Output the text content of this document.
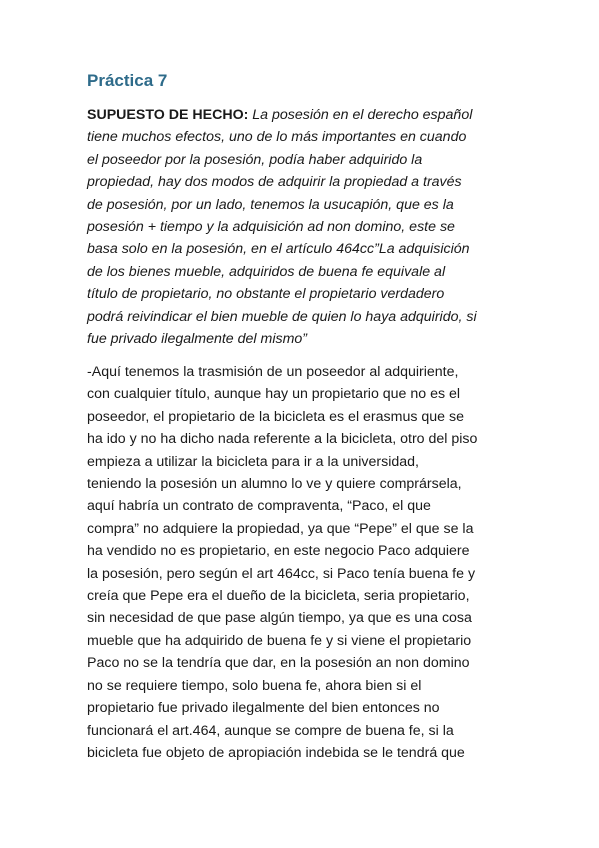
Práctica 7
SUPUESTO DE HECHO: La posesión en el derecho español
tiene muchos efectos, uno de lo más importantes en cuando
el poseedor por la posesión, podía haber adquirido la
propiedad, hay dos modos de adquirir la propiedad a través
de posesión, por un lado, tenemos la usucapión, que es la
posesión + tiempo y la adquisición ad non domino, este se
basa solo en la posesión, en el artículo 464cc”La adquisición
de los bienes mueble, adquiridos de buena fe equivale al
título de propietario, no obstante el propietario verdadero
podrá reivindicar el bien mueble de quien lo haya adquirido, si
fue privado ilegalmente del mismo”
-Aquí tenemos la trasmisión de un poseedor al adquiriente,
con cualquier título, aunque hay un propietario que no es el
poseedor, el propietario de la bicicleta es el erasmus que se
ha ido y no ha dicho nada referente a la bicicleta, otro del piso
empieza a utilizar la bicicleta para ir a la universidad,
teniendo la posesión un alumno lo ve y quiere comprársela,
aquí habría un contrato de compraventa, “Paco, el que
compra” no adquiere la propiedad, ya que “Pepe” el que se la
ha vendido no es propietario, en este negocio Paco adquiere
la posesión, pero según el art 464cc, si Paco tenía buena fe y
creía que Pepe era el dueño de la bicicleta, seria propietario,
sin necesidad de que pase algún tiempo, ya que es una cosa
mueble que ha adquirido de buena fe y si viene el propietario
Paco no se la tendría que dar, en la posesión an non domino
no se requiere tiempo, solo buena fe, ahora bien si el
propietario fue privado ilegalmente del bien entonces no
funcionará el art.464, aunque se compre de buena fe, si la
bicicleta fue objeto de apropiación indebida se le tendrá que
